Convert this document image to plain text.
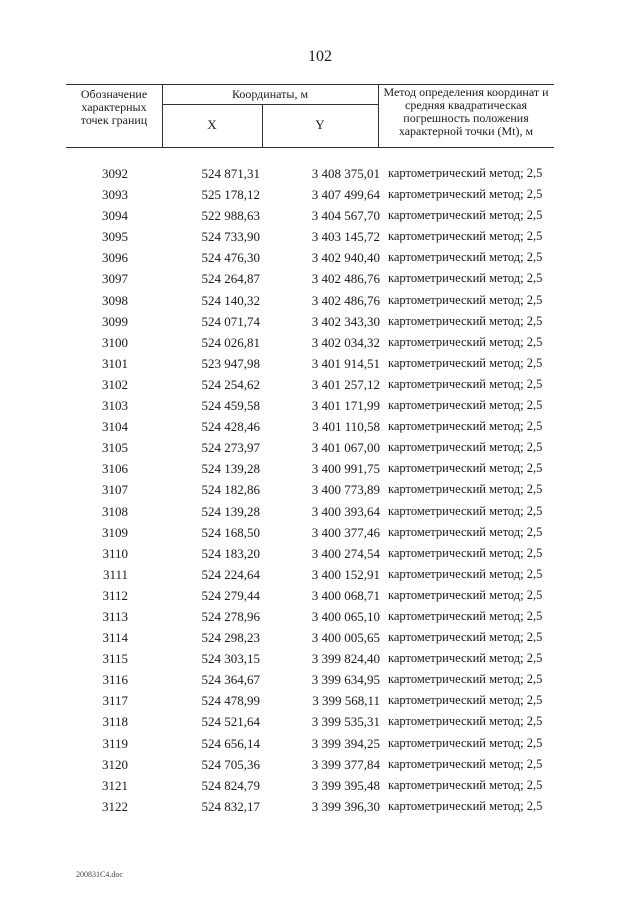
102
Обозначение характерных точек границ
Координаты, м
X	Y
Метод определения координат и средняя квадратическая погрешность положения характерной точки (Mt), м
3092	524 871,31	3 408 375,01 картометрический метод; 2,5
3093	525 178,12	3 407 499,64 картометрический метод; 2,5
3094	522 988,63	3 404 567,70 картометрический метод; 2,5
3095	524 733,90	3 403 145,72 картометрический метод; 2,5
3096	524 476,30	3 402 940,40 картометрический метод; 2,5
3097	524 264,87	3 402 486,76 картометрический метод; 2,5
3098	524 140,32	3 402 486,76 картометрический метод; 2,5
3099	524 071,74	3 402 343,30 картометрический метод; 2,5
3100	524 026,81	3 402 034,32 картометрический метод; 2,5
3101	523 947,98	3 401 914,51 картометрический метод; 2,5
3102	524 254,62	3 401 257,12 картометрический метод; 2,5
3103	524 459,58	3 401 171,99 картометрический метод; 2,5
3104	524 428,46	3 401 110,58 картометрический метод; 2,5
3105	524 273,97	3 401 067,00 картометрический метод; 2,5
3106	524 139,28	3 400 991,75 картометрический метод; 2,5
3107	524 182,86	3 400 773,89 картометрический метод; 2,5
3108	524 139,28	3 400 393,64 картометрический метод; 2,5
3109	524 168,50	3 400 377,46 картометрический метод; 2,5
3110	524 183,20	3 400 274,54 картометрический метод; 2,5
3111	524 224,64	3 400 152,91 картометрический метод; 2,5
3112	524 279,44	3 400 068,71 картометрический метод; 2,5
3113	524 278,96	3 400 065,10 картометрический метод; 2,5
3114	524 298,23	3 400 005,65 картометрический метод; 2,5
3115	524 303,15	3 399 824,40 картометрический метод; 2,5
3116	524 364,67	3 399 634,95 картометрический метод; 2,5
3117	524 478,99	3 399 568,11 картометрический метод; 2,5
3118	524 521,64	3 399 535,31 картометрический метод; 2,5
3119	524 656,14	3 399 394,25 картометрический метод; 2,5
3120	524 705,36	3 399 377,84 картометрический метод; 2,5
3121	524 824,79	3 399 395,48 картометрический метод; 2,5
3122	524 832,17	3 399 396,30 картометрический метод; 2,5
200831C4.doc
